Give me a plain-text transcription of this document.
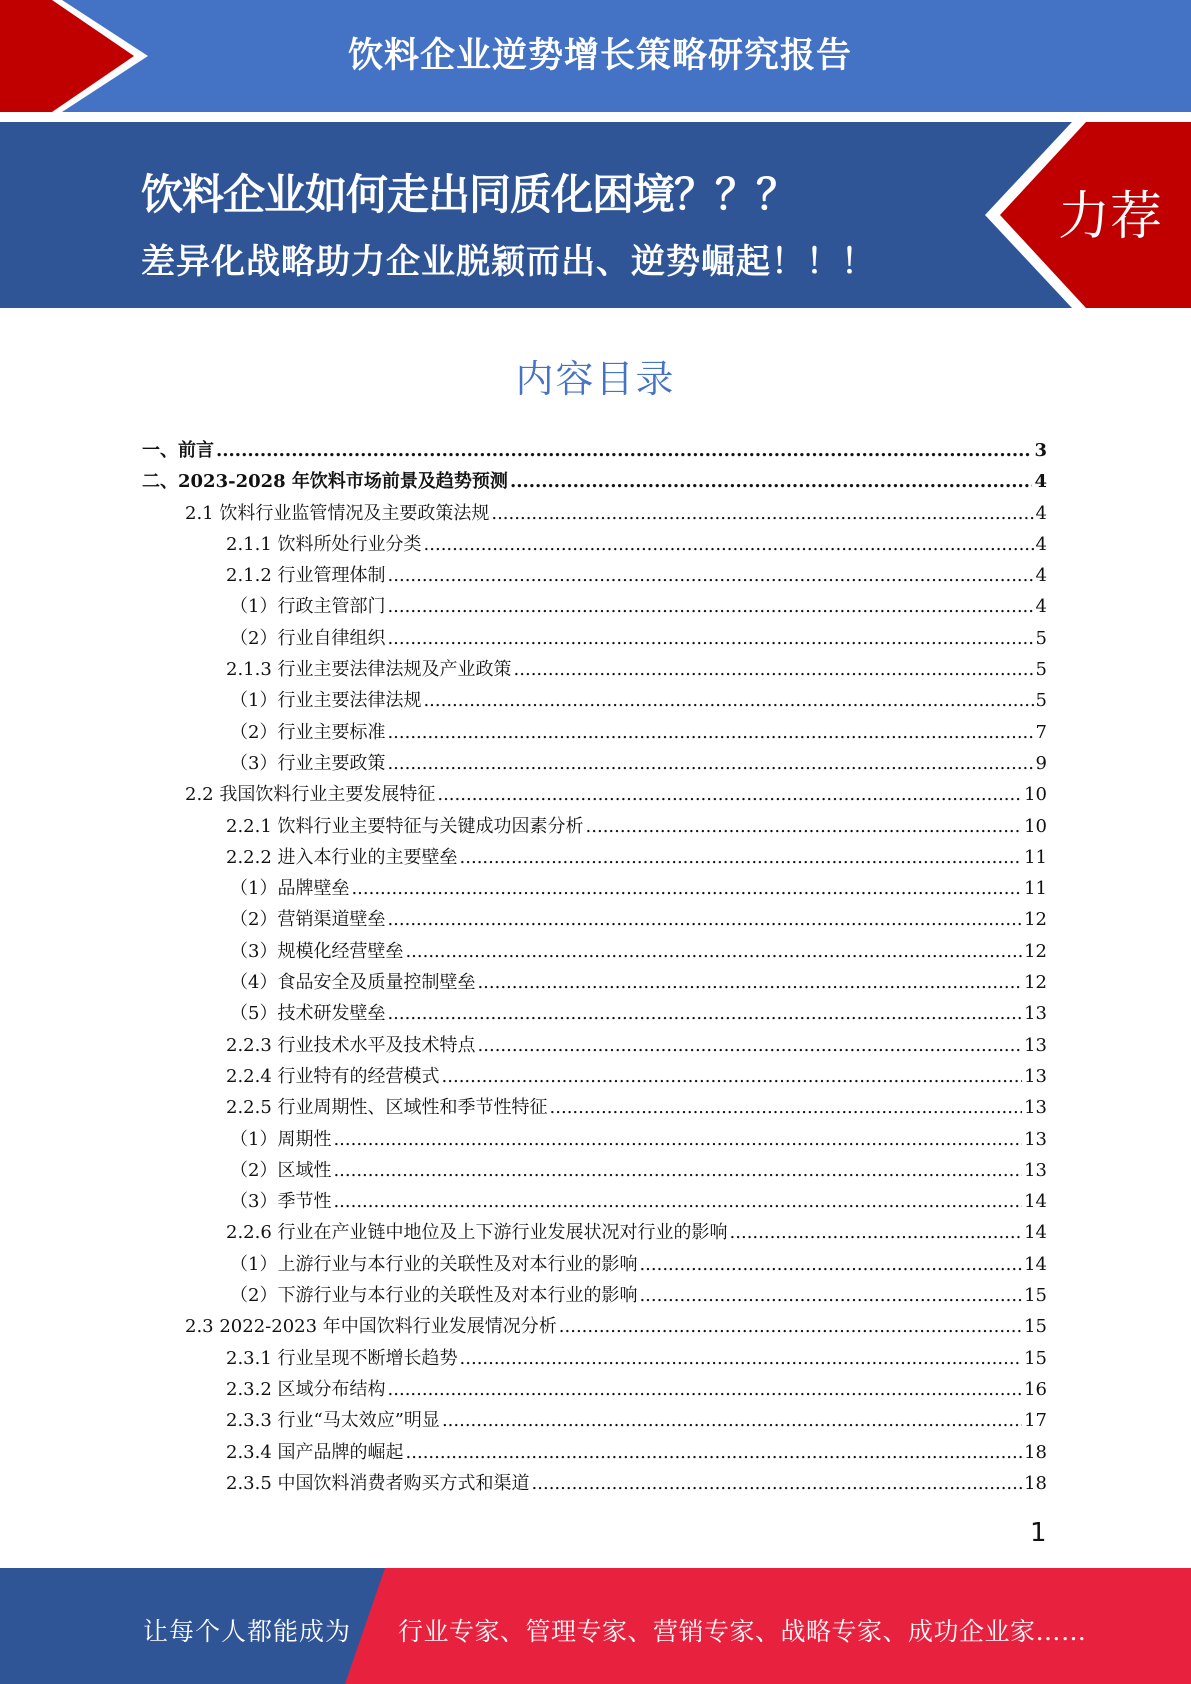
饮料企业逆势增长策略研究报告
饮料企业如何走出同质化困境？？？
差异化战略助力企业脱颖而出、逆势崛起！！！
力荐
内容目录
一、前言 .....	3
二、2023-2028 年饮料市场前景及趋势预测 .....	4
2.1 饮料行业监管情况及主要政策法规 .....	4
2.1.1 饮料所处行业分类 .....	4
2.1.2 行业管理体制 .....	4
（1）行政主管部门 .....	4
（2）行业自律组织 .....	5
2.1.3 行业主要法律法规及产业政策 .....	5
（1）行业主要法律法规 .....	5
（2）行业主要标准 .....	7
（3）行业主要政策 .....	9
2.2 我国饮料行业主要发展特征 .....	10
2.2.1 饮料行业主要特征与关键成功因素分析 .....	10
2.2.2 进入本行业的主要壁垒 .....	11
（1）品牌壁垒 .....	11
（2）营销渠道壁垒 .....	12
（3）规模化经营壁垒 .....	12
（4）食品安全及质量控制壁垒 .....	12
（5）技术研发壁垒 .....	13
2.2.3 行业技术水平及技术特点 .....	13
2.2.4 行业特有的经营模式 .....	13
2.2.5 行业周期性、区域性和季节性特征 .....	13
（1）周期性 .....	13
（2）区域性 .....	13
（3）季节性 .....	14
2.2.6 行业在产业链中地位及上下游行业发展状况对行业的影响 .....	14
（1）上游行业与本行业的关联性及对本行业的影响 .....	14
（2）下游行业与本行业的关联性及对本行业的影响 .....	15
2.3 2022-2023 年中国饮料行业发展情况分析 .....	15
2.3.1 行业呈现不断增长趋势 .....	15
2.3.2 区域分布结构 .....	16
2.3.3 行业“马太效应”明显 .....	17
2.3.4 国产品牌的崛起 .....	18
2.3.5 中国饮料消费者购买方式和渠道 .....	18
1
让每个人都能成为 行业专家、管理专家、营销专家、战略专家、成功企业家……
